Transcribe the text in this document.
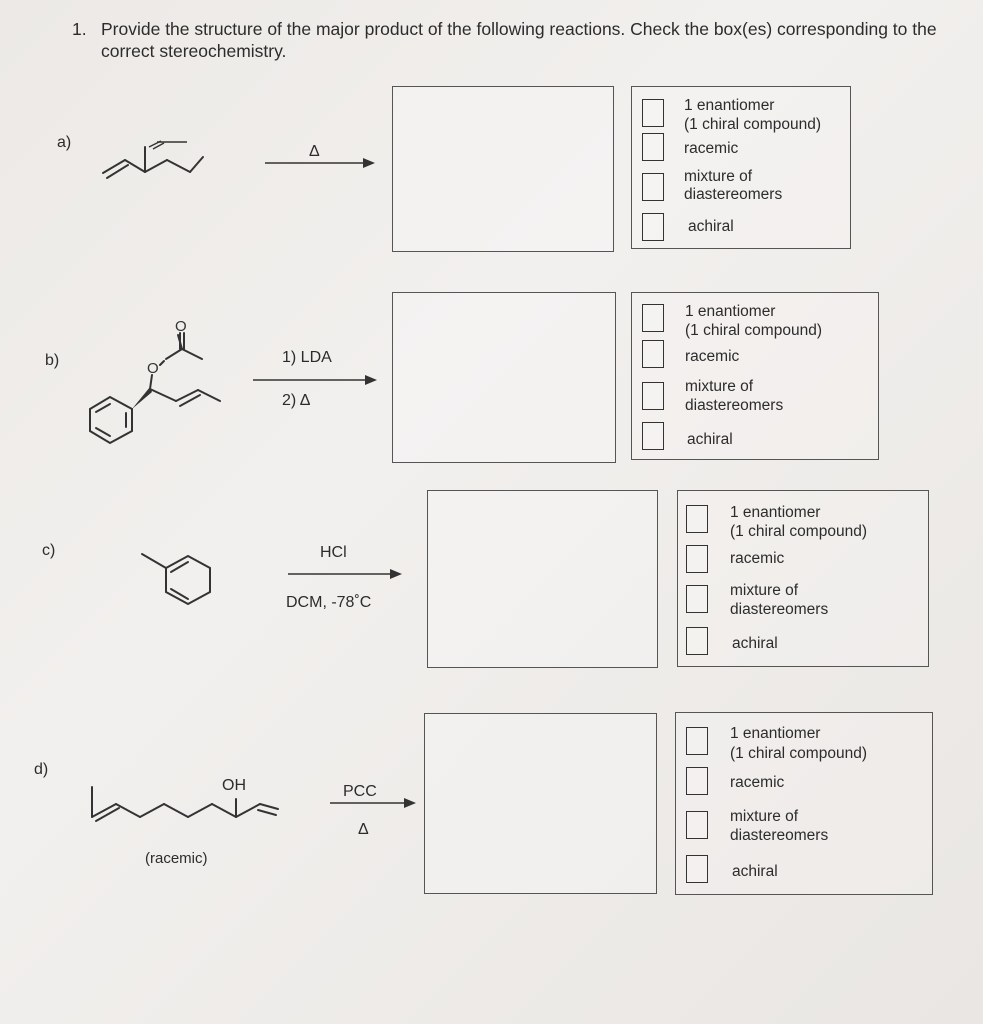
1. Provide the structure of the major product of the following reactions. Check the box(es) corresponding to the correct stereochemistry.
a)
Δ
1 enantiomer
(1 chiral compound)
racemic
mixture of
diastereomers
achiral
b)
O
O
1) LDA
2) Δ
1 enantiomer
(1 chiral compound)
racemic
mixture of
diastereomers
achiral
c)	HCl
DCM, -78˚C
1 enantiomer
(1 chiral compound)
racemic
mixture of
diastereomers
achiral
d)
OH
(racemic)
PCC
Δ
1 enantiomer
(1 chiral compound)
racemic
mixture of
diastereomers
achiral
